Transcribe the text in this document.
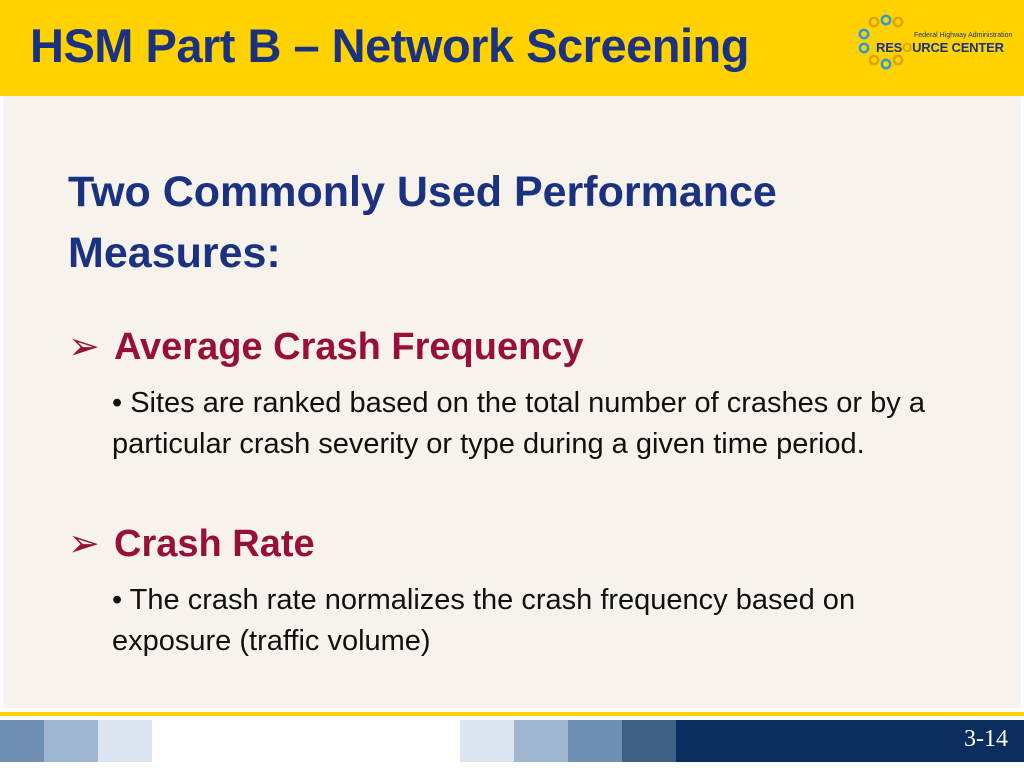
HSM Part B – Network Screening	Federal Highway Administration
RESOURCE CENTER
Two Commonly Used Performance Measures:
➢ Average Crash Frequency
• Sites are ranked based on the total number of crashes or by a particular crash severity or type during a given time period.
➢ Crash Rate
• The crash rate normalizes the crash frequency based on exposure (traffic volume)
3-14
